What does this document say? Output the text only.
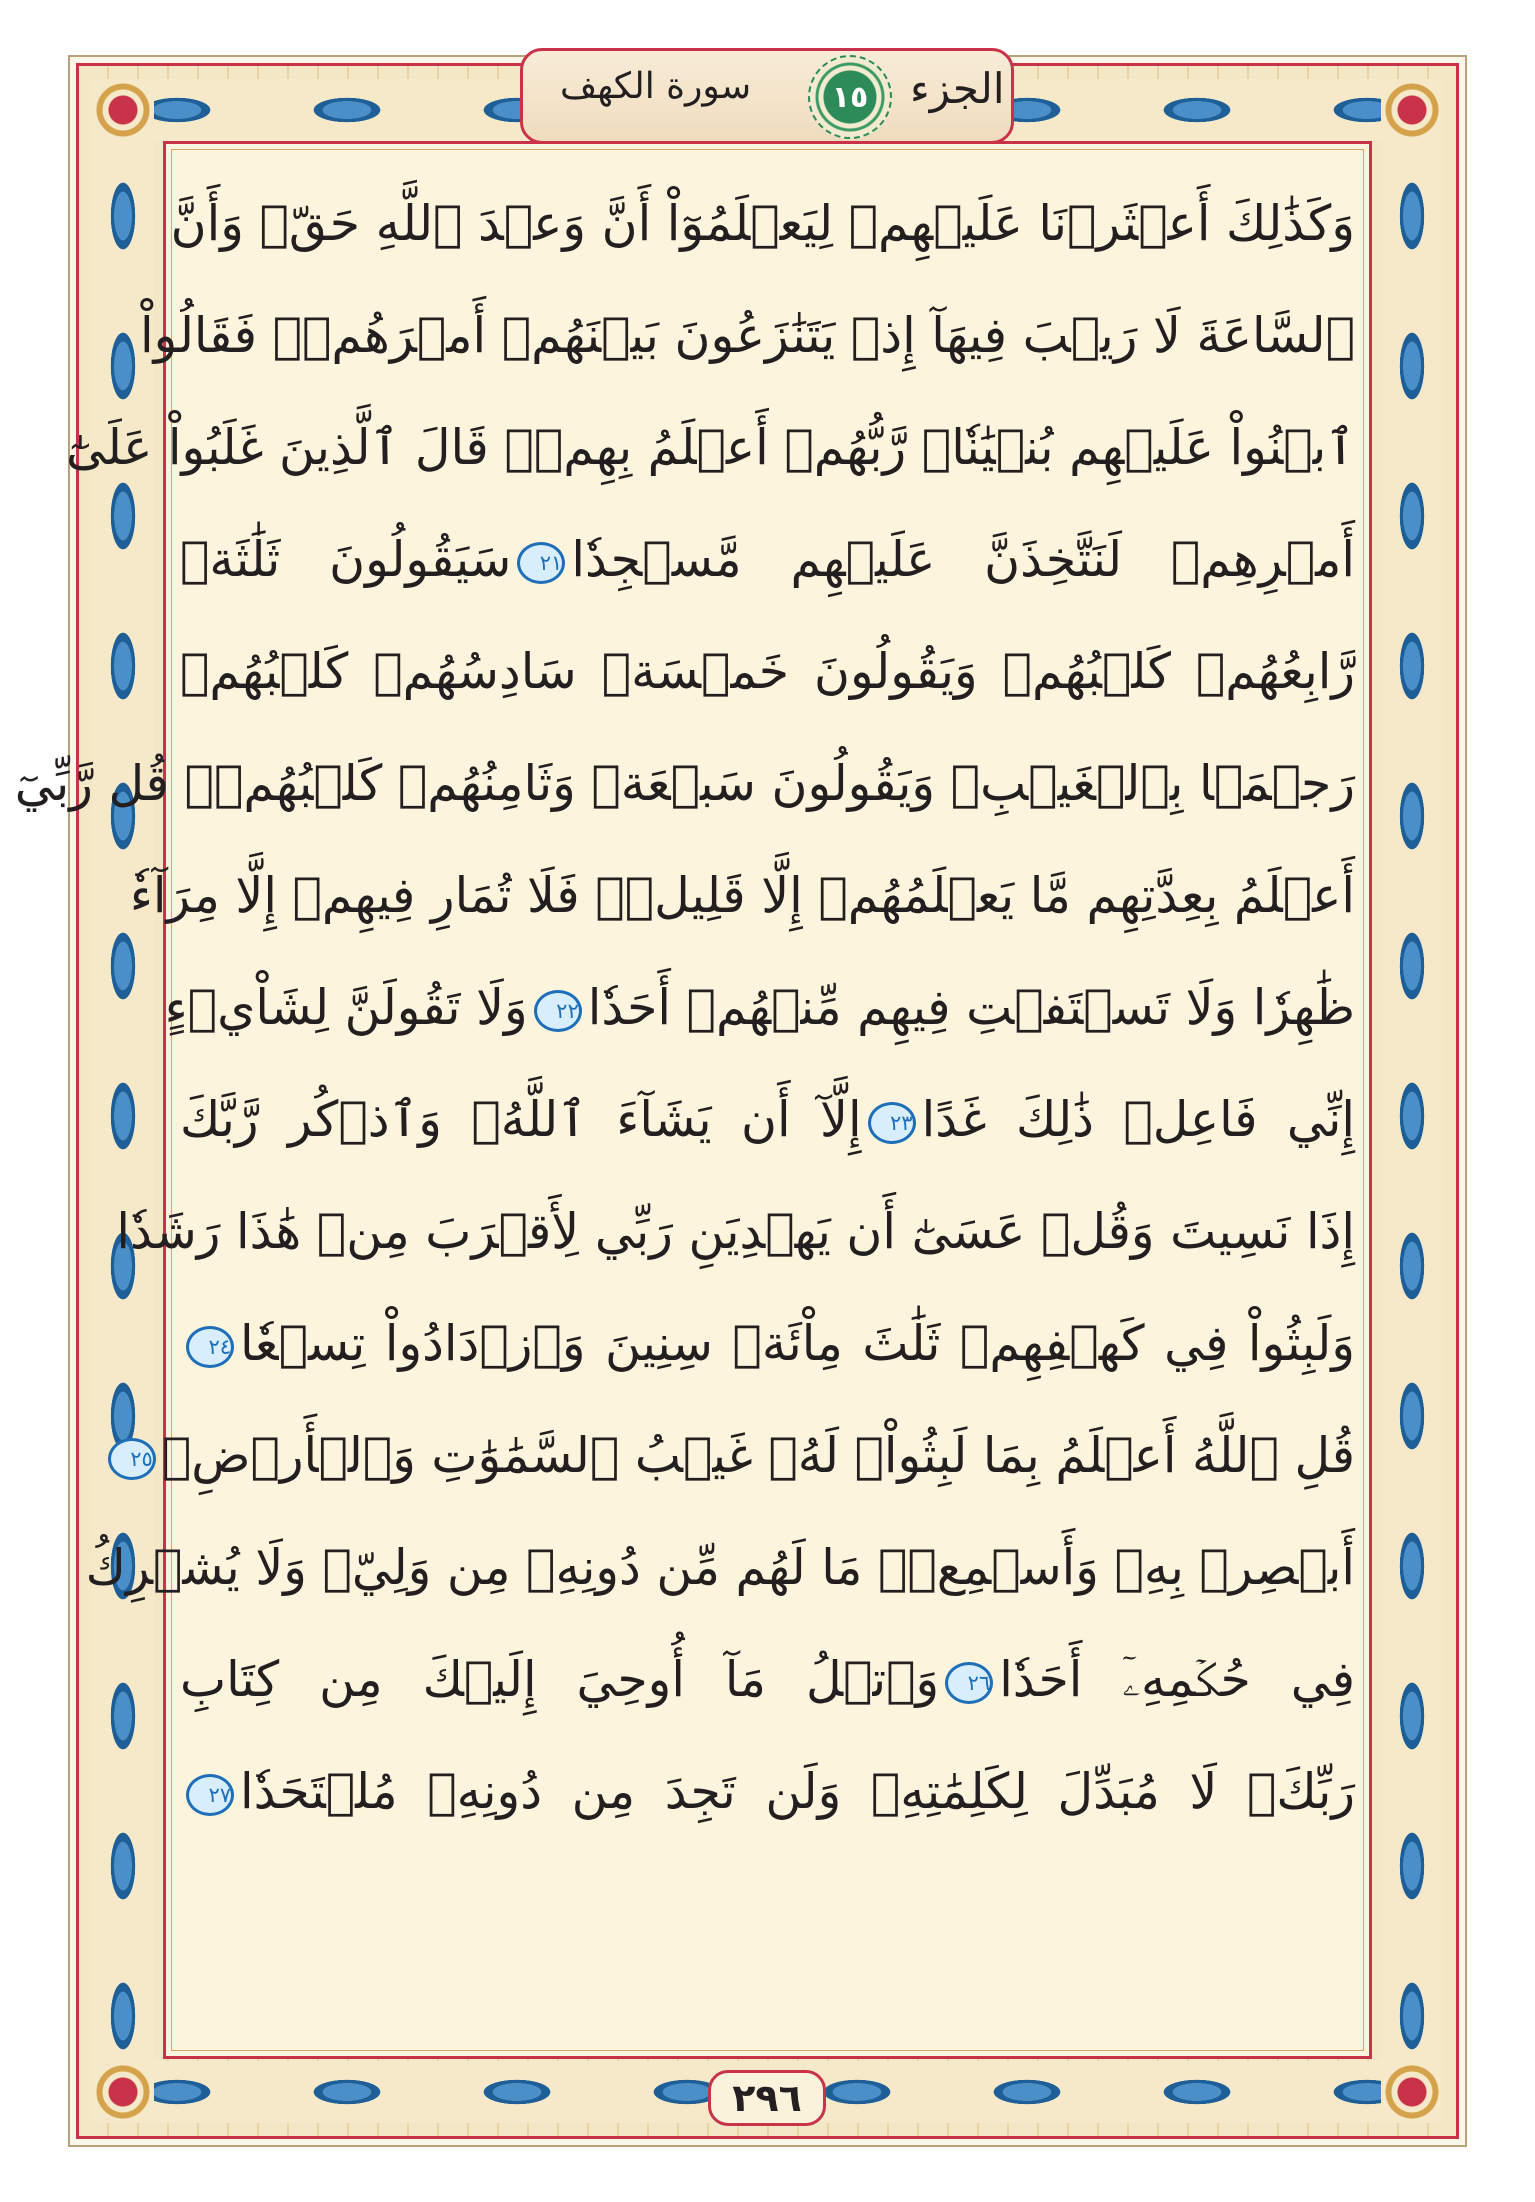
الجزء
١٥
سورة الكهف
وَكَذَٰلِكَ أَعۡثَرۡنَا عَلَيۡهِمۡ لِيَعۡلَمُوٓاْ أَنَّ وَعۡدَ ٱللَّهِ حَقّٞ وَأَنَّ
ٱلسَّاعَةَ لَا رَيۡبَ فِيهَآ إِذۡ يَتَنَٰزَعُونَ بَيۡنَهُمۡ أَمۡرَهُمۡۖ فَقَالُواْ
ٱبۡنُواْ عَلَيۡهِم بُنۡيَٰنٗاۖ رَّبُّهُمۡ أَعۡلَمُ بِهِمۡۚ قَالَ ٱلَّذِينَ غَلَبُواْ عَلَىٰٓ
أَمۡرِهِمۡ لَنَتَّخِذَنَّ عَلَيۡهِم مَّسۡجِدٗا٢١سَيَقُولُونَ ثَلَٰثَةٞ
رَّابِعُهُمۡ كَلۡبُهُمۡ وَيَقُولُونَ خَمۡسَةٞ سَادِسُهُمۡ كَلۡبُهُمۡ
رَجۡمَۢا بِٱلۡغَيۡبِۖ وَيَقُولُونَ سَبۡعَةٞ وَثَامِنُهُمۡ كَلۡبُهُمۡۚ قُل رَّبِّيٓ
أَعۡلَمُ بِعِدَّتِهِم مَّا يَعۡلَمُهُمۡ إِلَّا قَلِيلٞۗ فَلَا تُمَارِ فِيهِمۡ إِلَّا مِرَآءٗ
ظَٰهِرٗا وَلَا تَسۡتَفۡتِ فِيهِم مِّنۡهُمۡ أَحَدٗا٢٢وَلَا تَقُولَنَّ لِشَاْيۡءٍ
إِنِّي فَاعِلٞ ذَٰلِكَ غَدًا٢٣إِلَّآ أَن يَشَآءَ ٱللَّهُۚ وَٱذۡكُر رَّبَّكَ
إِذَا نَسِيتَ وَقُلۡ عَسَىٰٓ أَن يَهۡدِيَنِ رَبِّي لِأَقۡرَبَ مِنۡ هَٰذَا رَشَدٗا
وَلَبِثُواْ فِي كَهۡفِهِمۡ ثَلَٰثَ مِاْئَةٖ سِنِينَ وَٱزۡدَادُواْ تِسۡعٗا٢٤
قُلِ ٱللَّهُ أَعۡلَمُ بِمَا لَبِثُواْۖ لَهُۥ غَيۡبُ ٱلسَّمَٰوَٰتِ وَٱلۡأَرۡضِۖ٢٥
أَبۡصِرۡ بِهِۦ وَأَسۡمِعۡۚ مَا لَهُم مِّن دُونِهِۦ مِن وَلِيّٖ وَلَا يُشۡرِكُ
فِي حُكۡمِهِۦٓ أَحَدٗا٢٦وَٱتۡلُ مَآ أُوحِيَ إِلَيۡكَ مِن كِتَابِ
رَبِّكَۖ لَا مُبَدِّلَ لِكَلِمَٰتِهِۦ وَلَن تَجِدَ مِن دُونِهِۦ مُلۡتَحَدٗا٢٧
٢٩٦
